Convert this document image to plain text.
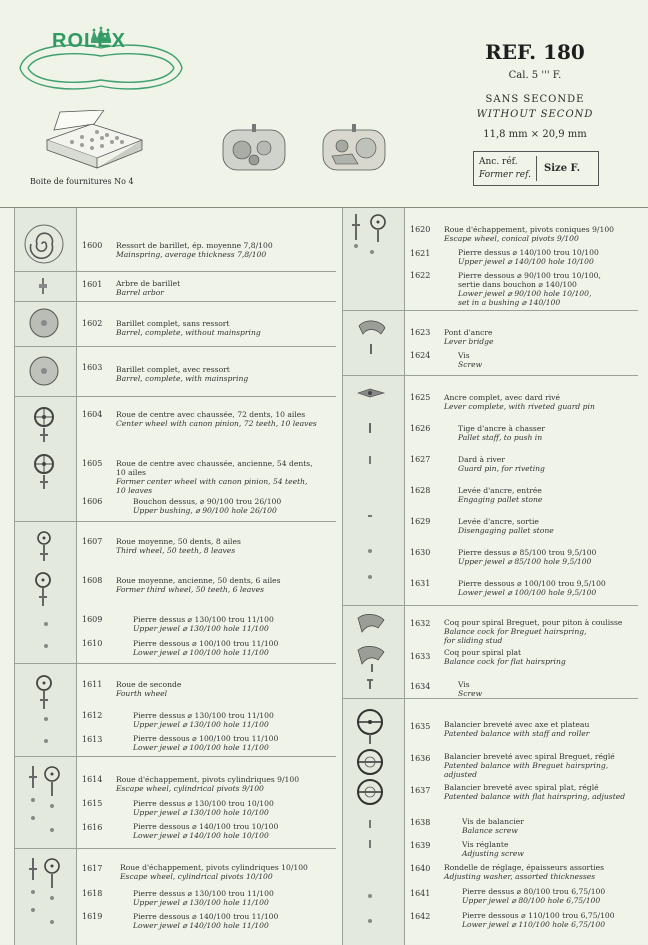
ROLEX	REF. 180
Cal. 5 ''' F.
SANS SECONDE
WITHOUT SECOND
11,8 mm × 20,9 mm
Anc. réf.
Former ref.
Size F.
Boite de fournitures No 4
1600	Ressort de barillet, ép. moyenne 7,8/100
Mainspring, average thickness 7,8/100
1601	Arbre de barillet
Barrel arbor
1602	Barillet complet, sans ressort
Barrel, complete, without mainspring
1603	Barillet complet, avec ressort
Barrel, complete, with mainspring
1604	Roue de centre avec chaussée, 72 dents, 10 ailes
Center wheel with canon pinion, 72 teeth, 10 leaves
1605	Roue de centre avec chaussée, ancienne, 54 dents,
10 ailes
Former center wheel with canon pinion, 54 teeth,
10 leaves
1606	Bouchon dessus, ⌀ 90/100 trou 26/100
Upper bushing, ⌀ 90/100 hole 26/100
1607	Roue moyenne, 50 dents, 8 ailes
Third wheel, 50 teeth, 8 leaves
1608	Roue moyenne, ancienne, 50 dents, 6 ailes
Former third wheel, 50 teeth, 6 leaves
1609	Pierre dessus ⌀ 130/100 trou 11/100
Upper jewel ⌀ 130/100 hole 11/100
1610	Pierre dessous ⌀ 100/100 trou 11/100
Lower jewel ⌀ 100/100 hole 11/100
1611	Roue de seconde
Fourth wheel
1612	Pierre dessus ⌀ 130/100 trou 11/100
Upper jewel ⌀ 130/100 hole 11/100
1613	Pierre dessous ⌀ 100/100 trou 11/100
Lower jewel ⌀ 100/100 hole 11/100
1614	Roue d'échappement, pivots cylindriques 9/100
Escape wheel, cylindrical pivots 9/100
1615	Pierre dessus ⌀ 130/100 trou 10/100
Upper jewel ⌀ 130/100 hole 10/100
1616	Pierre dessous ⌀ 140/100 trou 10/100
Lower jewel ⌀ 140/100 hole 10/100
1617	Roue d'échappement, pivots cylindriques 10/100
Escape wheel, cylindrical pivots 10/100
1618	Pierre dessus ⌀ 130/100 trou 11/100
Upper jewel ⌀ 130/100 hole 11/100
1619	Pierre dessous ⌀ 140/100 trou 11/100
Lower jewel ⌀ 140/100 hole 11/100
1620	Roue d'échappement, pivots coniques 9/100
Escape wheel, conical pivots 9/100
1621	Pierre dessus ⌀ 140/100 trou 10/100
Upper jewel ⌀ 140/100 hole 10/100
1622	Pierre dessous ⌀ 90/100 trou 10/100,
sertie dans bouchon ⌀ 140/100
Lower jewel ⌀ 90/100 hole 10/100,
set in a bushing ⌀ 140/100
1623	Pont d'ancre
Lever bridge
1624	Vis
Screw
1625	Ancre complet, avec dard rivé
Lever complete, with riveted guard pin
1626	Tige d'ancre à chasser
Pallet staff, to push in
1627	Dard à river
Guard pin, for riveting
1628	Levée d'ancre, entrée
Engaging pallet stone
1629	Levée d'ancre, sortie
Disengaging pallet stone
1630	Pierre dessus ⌀ 85/100 trou 9,5/100
Upper jewel ⌀ 85/100 hole 9,5/100
1631	Pierre dessous ⌀ 100/100 trou 9,5/100
Lower jewel ⌀ 100/100 hole 9,5/100
1632	Coq pour spiral Breguet, pour piton à coulisse
Balance cock for Breguet hairspring,
for sliding stud
1633	Coq pour spiral plat
Balance cock for flat hairspring
1634	Vis
Screw
1635	Balancier breveté avec axe et plateau
Patented balance with staff and roller
1636	Balancier breveté avec spiral Breguet, réglé
Patented balance with Breguet hairspring,
adjusted
1637	Balancier breveté avec spiral plat, réglé
Patented balance with flat hairspring, adjusted
1638	Vis de balancier
Balance screw
1639	Vis réglante
Adjusting screw
1640	Rondelle de réglage, épaisseurs assorties
Adjusting washer, assorted thicknesses
1641	Pierre dessus ⌀ 80/100 trou 6,75/100
Upper jewel ⌀ 80/100 hole 6,75/100
1642	Pierre dessous ⌀ 110/100 trou 6,75/100
Lower jewel ⌀ 110/100 hole 6,75/100
